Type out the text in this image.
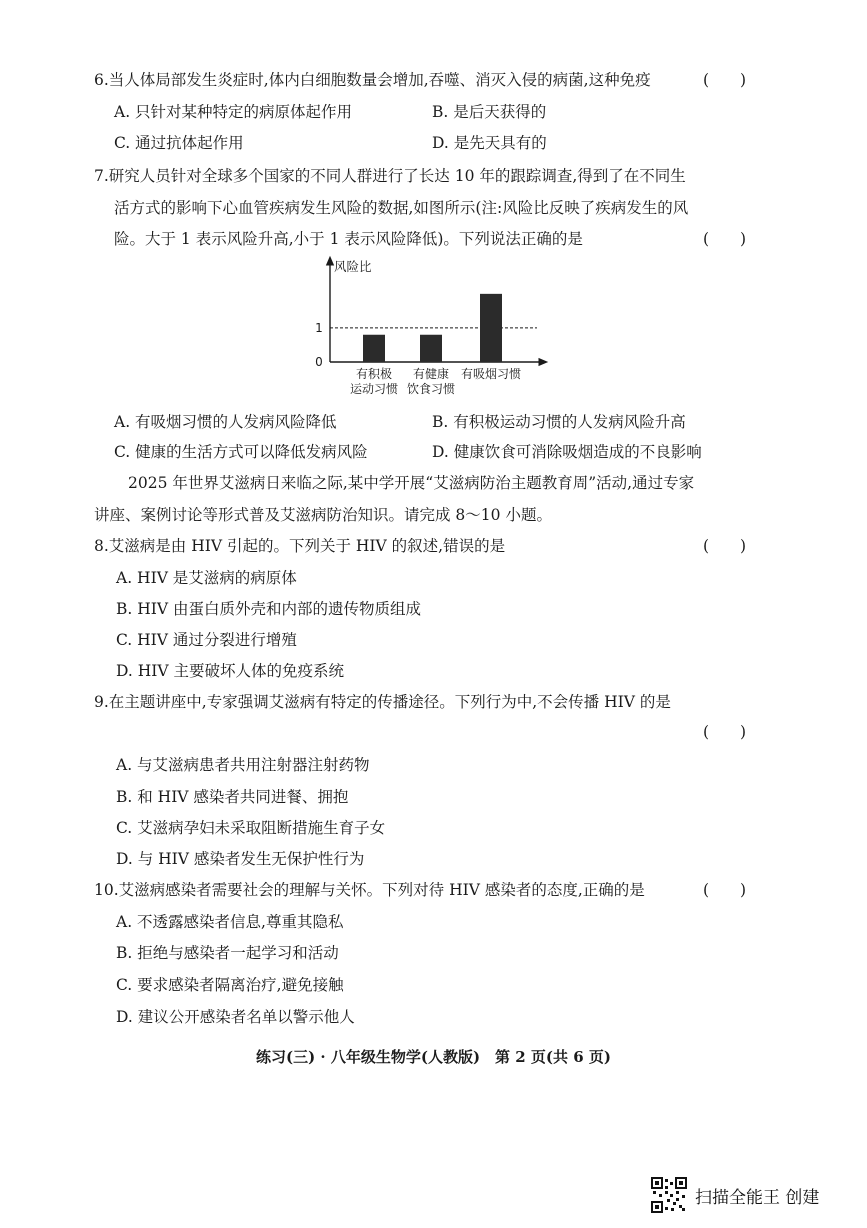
6.当人体局部发生炎症时,体内白细胞数量会增加,吞噬、消灭入侵的病菌,这种免疫	(　　)
A. 只针对某种特定的病原体起作用	B. 是后天获得的
C. 通过抗体起作用	D. 是先天具有的
7.研究人员针对全球多个国家的不同人群进行了长达 10 年的跟踪调查,得到了在不同生
活方式的影响下心血管疾病发生风险的数据,如图所示(注:风险比反映了疾病发生的风
险。大于 1 表示风险升高,小于 1 表示风险降低)。下列说法正确的是	(　　)
风险比
0
1
有积极
运动习惯
有健康
饮食习惯
有吸烟习惯
A. 有吸烟习惯的人发病风险降低	B. 有积极运动习惯的人发病风险升高
C. 健康的生活方式可以降低发病风险	D. 健康饮食可消除吸烟造成的不良影响
2025 年世界艾滋病日来临之际,某中学开展“艾滋病防治主题教育周”活动,通过专家
讲座、案例讨论等形式普及艾滋病防治知识。请完成 8～10 小题。
8.艾滋病是由 HIV 引起的。下列关于 HIV 的叙述,错误的是	(　　)
A. HIV 是艾滋病的病原体
B. HIV 由蛋白质外壳和内部的遗传物质组成
C. HIV 通过分裂进行增殖
D. HIV 主要破坏人体的免疫系统
9.在主题讲座中,专家强调艾滋病有特定的传播途径。下列行为中,不会传播 HIV 的是
(　　)
A. 与艾滋病患者共用注射器注射药物
B. 和 HIV 感染者共同进餐、拥抱
C. 艾滋病孕妇未采取阻断措施生育子女
D. 与 HIV 感染者发生无保护性行为
10.艾滋病感染者需要社会的理解与关怀。下列对待 HIV 感染者的态度,正确的是	(　　)
A. 不透露感染者信息,尊重其隐私
B. 拒绝与感染者一起学习和活动
C. 要求感染者隔离治疗,避免接触
D. 建议公开感染者名单以警示他人
练习(三) · 八年级生物学(人教版)　第 2 页(共 6 页)
扫描全能王 创建
